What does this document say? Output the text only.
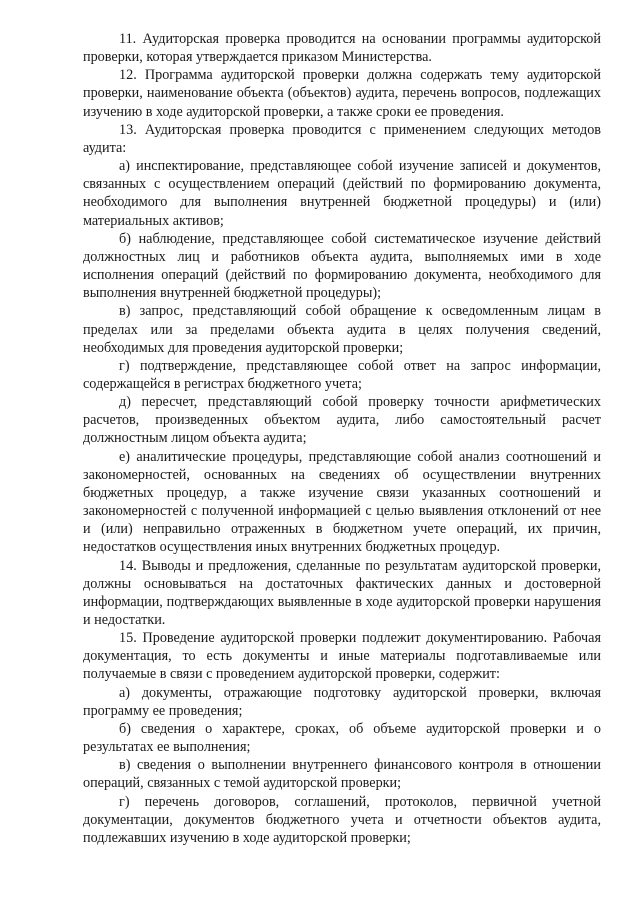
11. Аудиторская проверка проводится на основании программы аудиторской проверки, которая утверждается приказом Министерства.

12. Программа аудиторской проверки должна содержать тему аудиторской проверки, наименование объекта (объектов) аудита, перечень вопросов, подлежащих изучению в ходе аудиторской проверки, а также сроки ее проведения.

13. Аудиторская проверка проводится с применением следующих методов аудита:

а) инспектирование, представляющее собой изучение записей и документов, связанных с осуществлением операций (действий по формированию документа, необходимого для выполнения внутренней бюджетной процедуры) и (или) материальных активов;

б) наблюдение, представляющее собой систематическое изучение действий должностных лиц и работников объекта аудита, выполняемых ими в ходе исполнения операций (действий по формированию документа, необходимого для выполнения внутренней бюджетной процедуры);

в) запрос, представляющий собой обращение к осведомленным лицам в пределах или за пределами объекта аудита в целях получения сведений, необходимых для проведения аудиторской проверки;

г) подтверждение, представляющее собой ответ на запрос информации, содержащейся в регистрах бюджетного учета;

д) пересчет, представляющий собой проверку точности арифметических расчетов, произведенных объектом аудита, либо самостоятельный расчет должностным лицом объекта аудита;

е) аналитические процедуры, представляющие собой анализ соотношений и закономерностей, основанных на сведениях об осуществлении внутренних бюджетных процедур, а также изучение связи указанных соотношений и закономерностей с полученной информацией с целью выявления отклонений от нее и (или) неправильно отраженных в бюджетном учете операций, их причин, недостатков осуществления иных внутренних бюджетных процедур.

14. Выводы и предложения, сделанные по результатам аудиторской проверки, должны основываться на достаточных фактических данных и достоверной информации, подтверждающих выявленные в ходе аудиторской проверки нарушения и недостатки.

15. Проведение аудиторской проверки подлежит документированию. Рабочая документация, то есть документы и иные материалы подготавливаемые или получаемые в связи с проведением аудиторской проверки, содержит:

а) документы, отражающие подготовку аудиторской проверки, включая программу ее проведения;

б) сведения о характере, сроках, об объеме аудиторской проверки и о результатах ее выполнения;

в) сведения о выполнении внутреннего финансового контроля в отношении операций, связанных с темой аудиторской проверки;

г) перечень договоров, соглашений, протоколов, первичной учетной документации, документов бюджетного учета и отчетности объектов аудита, подлежавших изучению в ходе аудиторской проверки;
